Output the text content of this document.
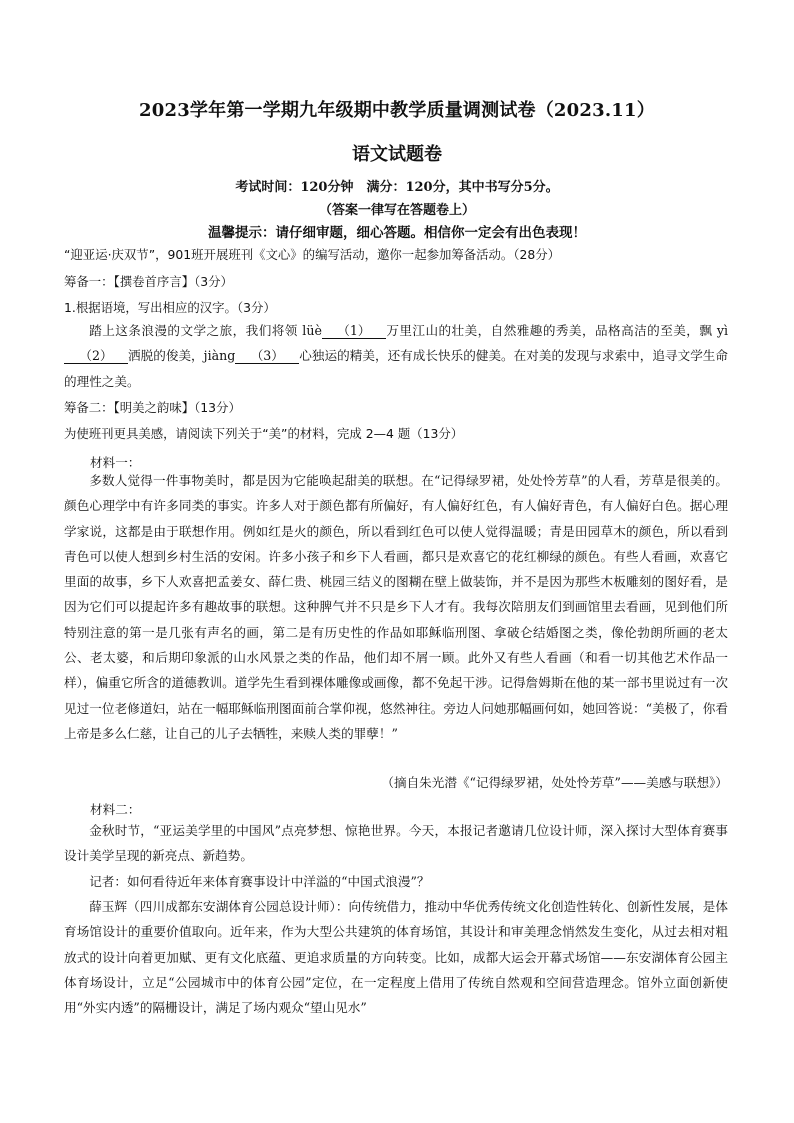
2023学年第一学期九年级期中教学质量调测试卷（2023.11）
语文试题卷
考试时间：120分钟　满分：120分，其中书写分5分。
（答案一律写在答题卷上）
温馨提示：请仔细审题，细心答题。相信你一定会有出色表现！
“迎亚运·庆双节”，901班开展班刊《文心》的编写活动，邀你一起参加筹备活动。（28分）
筹备一：【撰卷首序言】（3分）
1.根据语境，写出相应的汉字。（3分）
踏上这条浪漫的文学之旅，我们将领 lüè （1） 万里江山的壮美，自然雅趣的秀美，品格高洁的至美，飘 yì（2） 洒脱的俊美，jiàng （3） 心独运的精美，还有成长快乐的健美。在对美的发现与求索中，追寻文学生命的理性之美。
筹备二：【明美之韵味】（13分）
为使班刊更具美感，请阅读下列关于“美”的材料，完成 2—4 题（13分）
材料一：
多数人觉得一件事物美时，都是因为它能唤起甜美的联想。在“记得绿罗裙，处处怜芳草”的人看，芳草是很美的。颜色心理学中有许多同类的事实。许多人对于颜色都有所偏好，有人偏好红色，有人偏好青色，有人偏好白色。据心理学家说，这都是由于联想作用。例如红是火的颜色，所以看到红色可以使人觉得温暖；青是田园草木的颜色，所以看到青色可以使人想到乡村生活的安闲。许多小孩子和乡下人看画，都只是欢喜它的花红柳绿的颜色。有些人看画，欢喜它里面的故事，乡下人欢喜把孟姜女、薛仁贵、桃园三结义的图糊在壁上做装饰，并不是因为那些木板雕刻的图好看，是因为它们可以提起许多有趣故事的联想。这种脾气并不只是乡下人才有。我每次陪朋友们到画馆里去看画，见到他们所特别注意的第一是几张有声名的画，第二是有历史性的作品如耶稣临刑图、拿破仑结婚图之类，像伦勃朗所画的老太公、老太婆，和后期印象派的山水风景之类的作品，他们却不屑一顾。此外又有些人看画（和看一切其他艺术作品一样），偏重它所含的道德教训。道学先生看到裸体雕像或画像，都不免起干涉。记得詹姆斯在他的某一部书里说过有一次见过一位老修道妇，站在一幅耶稣临刑图面前合掌仰视，悠然神往。旁边人问她那幅画何如，她回答说：“美极了，你看上帝是多么仁慈，让自己的儿子去牺牲，来赎人类的罪孽！”
（摘自朱光潜《“记得绿罗裙，处处怜芳草”——美感与联想》）
材料二：
金秋时节，“亚运美学里的中国风”点亮梦想、惊艳世界。今天，本报记者邀请几位设计师，深入探讨大型体育赛事设计美学呈现的新亮点、新趋势。
记者：如何看待近年来体育赛事设计中洋溢的“中国式浪漫”？
薛玉辉（四川成都东安湖体育公园总设计师）：向传统借力，推动中华优秀传统文化创造性转化、创新性发展，是体育场馆设计的重要价值取向。近年来，作为大型公共建筑的体育场馆，其设计和审美理念悄然发生变化，从过去相对粗放式的设计向着更加赋、更有文化底蕴、更追求质量的方向转变。比如，成都大运会开幕式场馆——东安湖体育公园主体育场设计，立足“公园城市中的体育公园”定位，在一定程度上借用了传统自然观和空间营造理念。馆外立面创新使用“外实内透”的隔栅设计，满足了场内观众“望山见水”
